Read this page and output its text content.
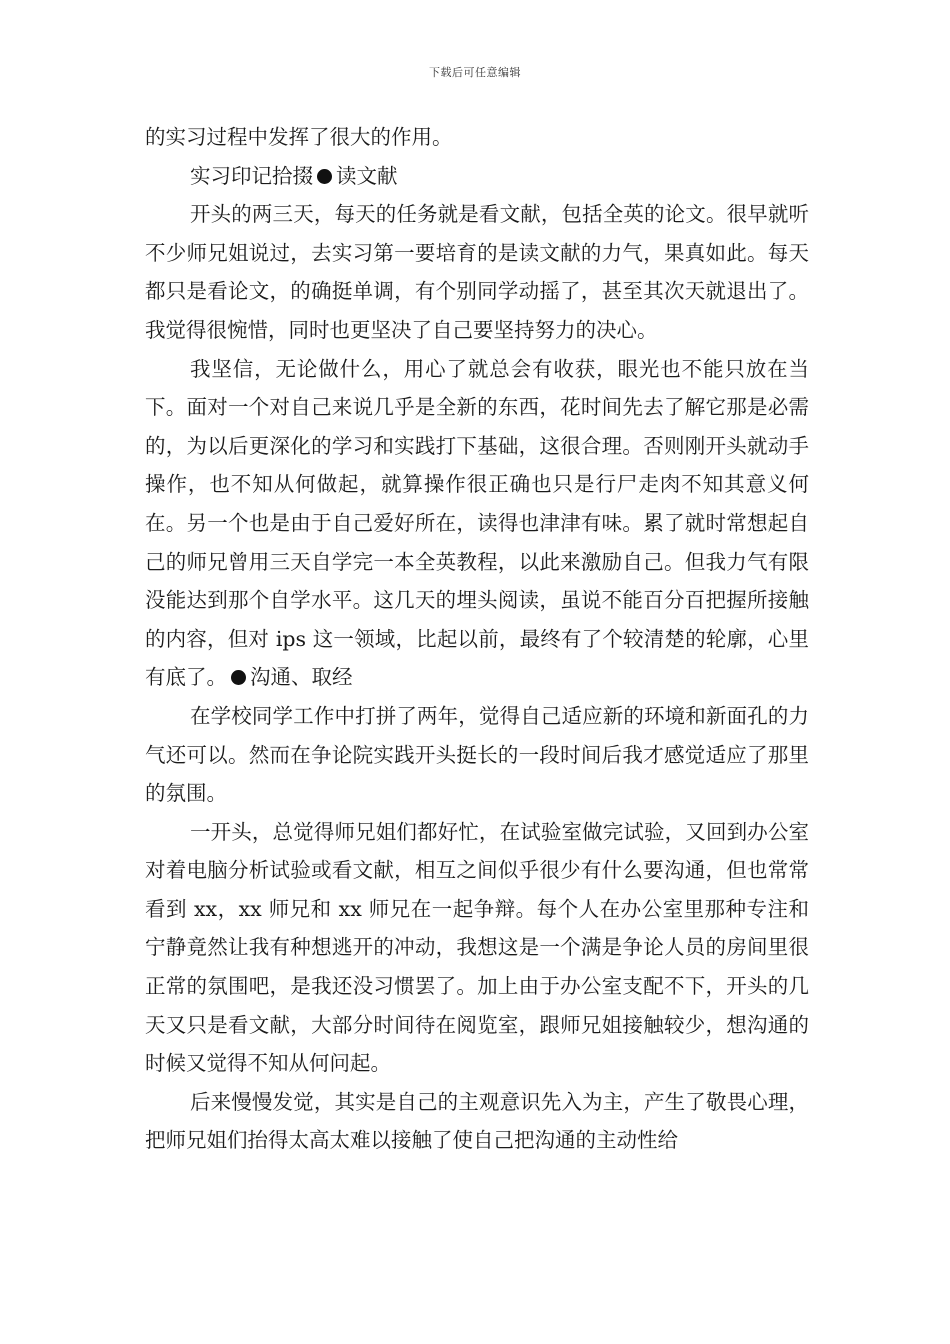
下载后可任意编辑

的实习过程中发挥了很大的作用。

实习印记拾掇 读文献

开头的两三天，每天的任务就是看文献，包括全英的论文。很早就听不少师兄姐说过，去实习第一要培育的是读文献的力气，果真如此。每天都只是看论文，的确挺单调，有个别同学动摇了，甚至其次天就退出了。我觉得很惋惜，同时也更坚决了自己要坚持努力的决心。

我坚信，无论做什么，用心了就总会有收获，眼光也不能只放在当下。面对一个对自己来说几乎是全新的东西，花时间先去了解它那是必需的，为以后更深化的学习和实践打下基础，这很合理。否则刚开头就动手操作，也不知从何做起，就算操作很正确也只是行尸走肉不知其意义何在。另一个也是由于自己爱好所在，读得也津津有味。累了就时常想起自己的师兄曾用三天自学完一本全英教程，以此来激励自己。但我力气有限没能达到那个自学水平。这几天的埋头阅读，虽说不能百分百把握所接触的内容，但对 ips 这一领域，比起以前，最终有了个较清楚的轮廓，心里有底了。 沟通、取经

在学校同学工作中打拼了两年，觉得自己适应新的环境和新面孔的力气还可以。然而在争论院实践开头挺长的一段时间后我才感觉适应了那里的氛围。

一开头，总觉得师兄姐们都好忙，在试验室做完试验，又回到办公室对着电脑分析试验或看文献，相互之间似乎很少有什么要沟通，但也常常看到 xx，xx 师兄和 xx 师兄在一起争辩。每个人在办公室里那种专注和宁静竟然让我有种想逃开的冲动，我想这是一个满是争论人员的房间里很正常的氛围吧，是我还没习惯罢了。加上由于办公室支配不下，开头的几天又只是看文献，大部分时间待在阅览室，跟师兄姐接触较少，想沟通的时候又觉得不知从何问起。

后来慢慢发觉，其实是自己的主观意识先入为主，产生了敬畏心理，把师兄姐们抬得太高太难以接触了使自己把沟通的主动性给
